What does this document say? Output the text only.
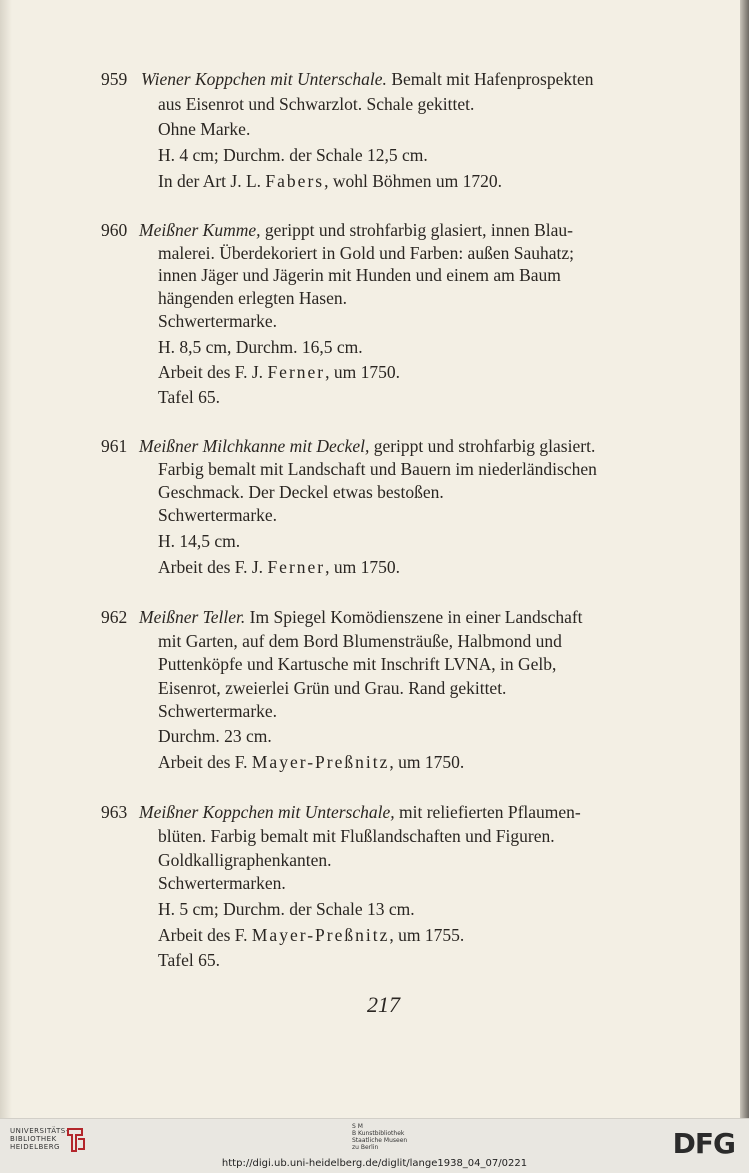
959 Wiener Koppchen mit Unterschale. Bemalt mit Hafenprospekten
aus Eisenrot und Schwarzlot. Schale gekittet.
Ohne Marke.
H. 4 cm; Durchm. der Schale 12,5 cm.
In der Art J. L. Fabers, wohl Böhmen um 1720.
960 Meißner Kumme, gerippt und strohfarbig glasiert, innen Blau-
malerei. Überdekoriert in Gold und Farben: außen Sauhatz;
innen Jäger und Jägerin mit Hunden und einem am Baum
hängenden erlegten Hasen.
Schwertermarke.
H. 8,5 cm, Durchm. 16,5 cm.
Arbeit des F. J. Ferner, um 1750.
Tafel 65.
961 Meißner Milchkanne mit Deckel, gerippt und strohfarbig glasiert.
Farbig bemalt mit Landschaft und Bauern im niederländischen
Geschmack. Der Deckel etwas bestoßen.
Schwertermarke.
H. 14,5 cm.
Arbeit des F. J. Ferner, um 1750.
962 Meißner Teller. Im Spiegel Komödienszene in einer Landschaft
mit Garten, auf dem Bord Blumensträuße, Halbmond und
Puttenköpfe und Kartusche mit Inschrift LVNA, in Gelb,
Eisenrot, zweierlei Grün und Grau. Rand gekittet.
Schwertermarke.
Durchm. 23 cm.
Arbeit des F. Mayer-Preßnitz, um 1750.
963 Meißner Koppchen mit Unterschale, mit reliefierten Pflaumen-
blüten. Farbig bemalt mit Flußlandschaften und Figuren.
Goldkalligraphenkanten.
Schwertermarken.
H. 5 cm; Durchm. der Schale 13 cm.
Arbeit des F. Mayer-Preßnitz, um 1755.
Tafel 65.
217
UNIVERSITÄTS-
BIBLIOTHEK
HEIDELBERG
S M
B Kunstbibliothek
Staatliche Museen
zu Berlin	DFG
http://digi.ub.uni-heidelberg.de/diglit/lange1938_04_07/0221
